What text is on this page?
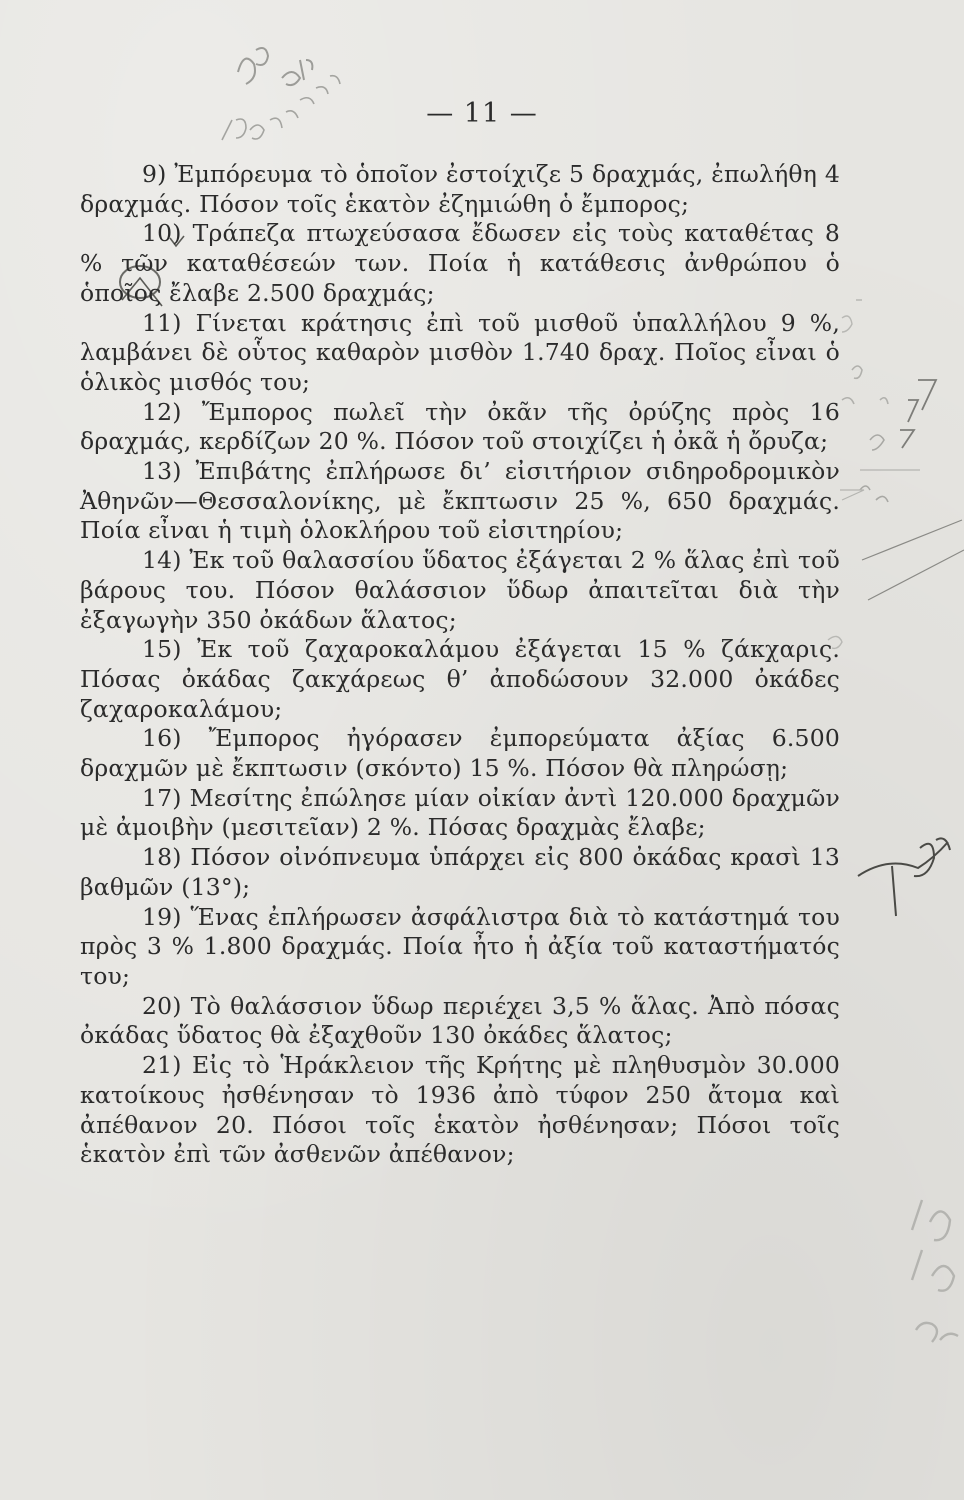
— 11 —

9) Ἐμπόρευμα τὸ ὁποῖον ἐστοίχιζε 5 δραχμάς, ἐπωλήθη 4 δραχμάς. Πόσον τοῖς ἑκατὸν ἐζημιώθη ὁ ἔμπορος;

10) Τράπεζα πτωχεύσασα ἔδωσεν εἰς τοὺς καταθέτας 8 % τῶν καταθέσεών των. Ποία ἡ κατάθεσις ἀνθρώπου ὁ ὁποῖος ἔλαβε 2.500 δραχμάς;

11) Γίνεται κράτησις ἐπὶ τοῦ μισθοῦ ὑπαλλήλου 9 %, λαμβάνει δὲ οὗτος καθαρὸν μισθὸν 1.740 δραχ. Ποῖος εἶναι ὁ ὁλικὸς μισθός του;

12) Ἔμπορος πωλεῖ τὴν ὀκᾶν τῆς ὀρύζης πρὸς 16 δραχμάς, κερδίζων 20 %. Πόσον τοῦ στοιχίζει ἡ ὀκᾶ ἡ ὄρυζα;

13) Ἐπιβάτης ἐπλήρωσε δι’ εἰσιτήριον σιδηροδρομικὸν Ἀθηνῶν—Θεσσαλονίκης, μὲ ἔκπτωσιν 25 %, 650 δραχμάς. Ποία εἶναι ἡ τιμὴ ὁλοκλήρου τοῦ εἰσιτηρίου;

14) Ἐκ τοῦ θαλασσίου ὕδατος ἐξάγεται 2 % ἅλας ἐπὶ τοῦ βάρους του. Πόσον θαλάσσιον ὕδωρ ἀπαιτεῖται διὰ τὴν ἐξαγωγὴν 350 ὀκάδων ἅλατος;

15) Ἐκ τοῦ ζαχαροκαλάμου ἐξάγεται 15 % ζάκχαρις. Πόσας ὀκάδας ζακχάρεως θ’ ἀποδώσουν 32.000 ὀκάδες ζαχαροκαλάμου;

16) Ἔμπορος ἠγόρασεν ἐμπορεύματα ἀξίας 6.500 δραχμῶν μὲ ἔκπτωσιν (σκόντο) 15 %. Πόσον θὰ πληρώσῃ;

17) Μεσίτης ἐπώλησε μίαν οἰκίαν ἀντὶ 120.000 δραχμῶν μὲ ἀμοιβὴν (μεσιτεῖαν) 2 %. Πόσας δραχμὰς ἔλαβε;

18) Πόσον οἰνόπνευμα ὑπάρχει εἰς 800 ὀκάδας κρασὶ 13 βαθμῶν (13°);

19) Ἕνας ἐπλήρωσεν ἀσφάλιστρα διὰ τὸ κατάστημά του πρὸς 3 % 1.800 δραχμάς. Ποία ἦτο ἡ ἀξία τοῦ καταστήματός του;

20) Τὸ θαλάσσιον ὕδωρ περιέχει 3,5 % ἅλας. Ἀπὸ πόσας ὀκάδας ὕδατος θὰ ἐξαχθοῦν 130 ὀκάδες ἅλατος;

21) Εἰς τὸ Ἡράκλειον τῆς Κρήτης μὲ πληθυσμὸν 30.000 κατοίκους ἠσθένησαν τὸ 1936 ἀπὸ τύφον 250 ἄτομα καὶ ἀπέθανον 20. Πόσοι τοῖς ἑκατὸν ἠσθένησαν; Πόσοι τοῖς ἑκατὸν ἐπὶ τῶν ἀσθενῶν ἀπέθανον;
